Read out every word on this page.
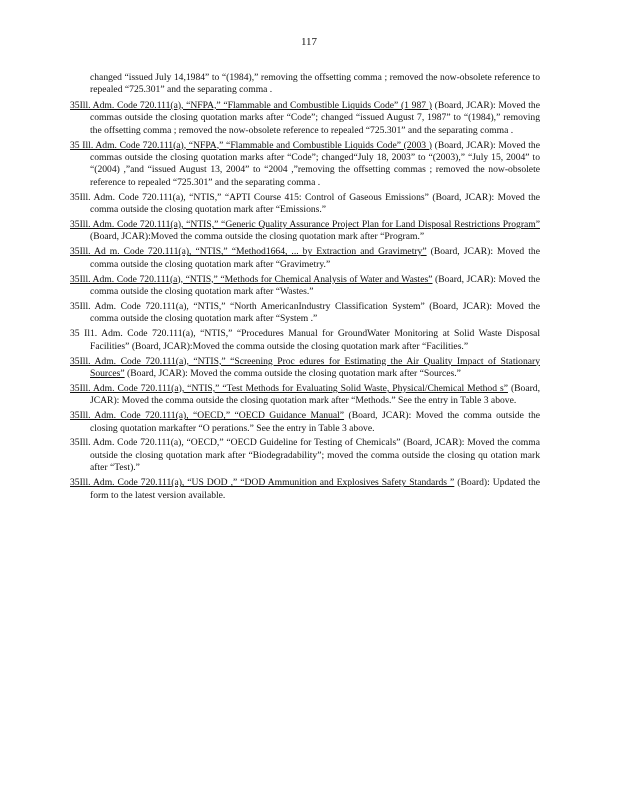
117

changed “issued July 14,1984” to “(1984),” removing the offsetting comma ; removed the now-obsolete reference to repealed “725.301” and the separating comma .

35Ill. Adm. Code 720.111(a), “NFPA,” “Flammable and Combustible Liquids Code” (1 987 ) (Board, JCAR): Moved the commas outside the closing quotation marks after “Code”; changed “issued August 7, 1987” to “(1984),” removing the offsetting comma ; removed the now-obsolete reference to repealed “725.301” and the separating comma .

35 Ill. Adm. Code 720.111(a), “NFPA,” “Flammable and Combustible Liquids Code” (2003 ) (Board, JCAR): Moved the commas outside the closing quotation marks after “Code”; changed“July 18, 2003” to “(2003),” “July 15, 2004” to “(2004) ,”and “issued August 13, 2004” to “2004 ,”removing the offsetting commas ; removed the now-obsolete reference to repealed “725.301” and the separating comma .

35Ill. Adm. Code 720.111(a), “NTIS,” “APTI Course 415: Control of Gaseous Emissions” (Board, JCAR): Moved the comma outside the closing quotation mark after “Emissions.”

35Ill. Adm. Code 720.111(a), “NTIS,” “Generic Quality Assurance Project Plan for Land Disposal Restrictions Program” (Board, JCAR):Moved the comma outside the closing quotation mark after “Program.”

35Ill. Ad m. Code 720.111(a), “NTIS,” “Method1664, ... by Extraction and Gravimetry” (Board, JCAR): Moved the comma outside the closing quotation mark after “Gravimetry.”

35Ill. Adm. Code 720.111(a), “NTIS,” “Methods for Chemical Analysis of Water and Wastes” (Board, JCAR): Moved the comma outside the closing quotation mark after “Wastes.”

35Ill. Adm. Code 720.111(a), “NTIS,” “North AmericanIndustry Classification System” (Board, JCAR): Moved the comma outside the closing quotation mark after “System .”

35 Il1. Adm. Code 720.111(a), “NTIS,” “Procedures Manual for GroundWater Monitoring at Solid Waste Disposal Facilities” (Board, JCAR):Moved the comma outside the closing quotation mark after “Facilities.”

35Ill. Adm. Code 720.111(a), “NTIS,” “Screening Proc edures for Estimating the Air Quality Impact of Stationary Sources” (Board, JCAR): Moved the comma outside the closing quotation mark after “Sources.”

35Ill. Adm. Code 720.111(a), “NTIS,” “Test Methods for Evaluating Solid Waste, Physical/Chemical Method s” (Board, JCAR): Moved the comma outside the closing quotation mark after “Methods.” See the entry in Table 3 above.

35Ill. Adm. Code 720.111(a), “OECD,” “OECD Guidance Manual” (Board, JCAR): Moved the comma outside the closing quotation markafter “O perations.” See the entry in Table 3 above.

35Ill. Adm. Code 720.111(a), “OECD,” “OECD Guideline for Testing of Chemicals” (Board, JCAR): Moved the comma outside the closing quotation mark after “Biodegradability”; moved the comma outside the closing qu otation mark after “Test).”

35Ill. Adm. Code 720.111(a), “US DOD ,” “DOD Ammunition and Explosives Safety Standards ” (Board): Updated the form to the latest version available.
